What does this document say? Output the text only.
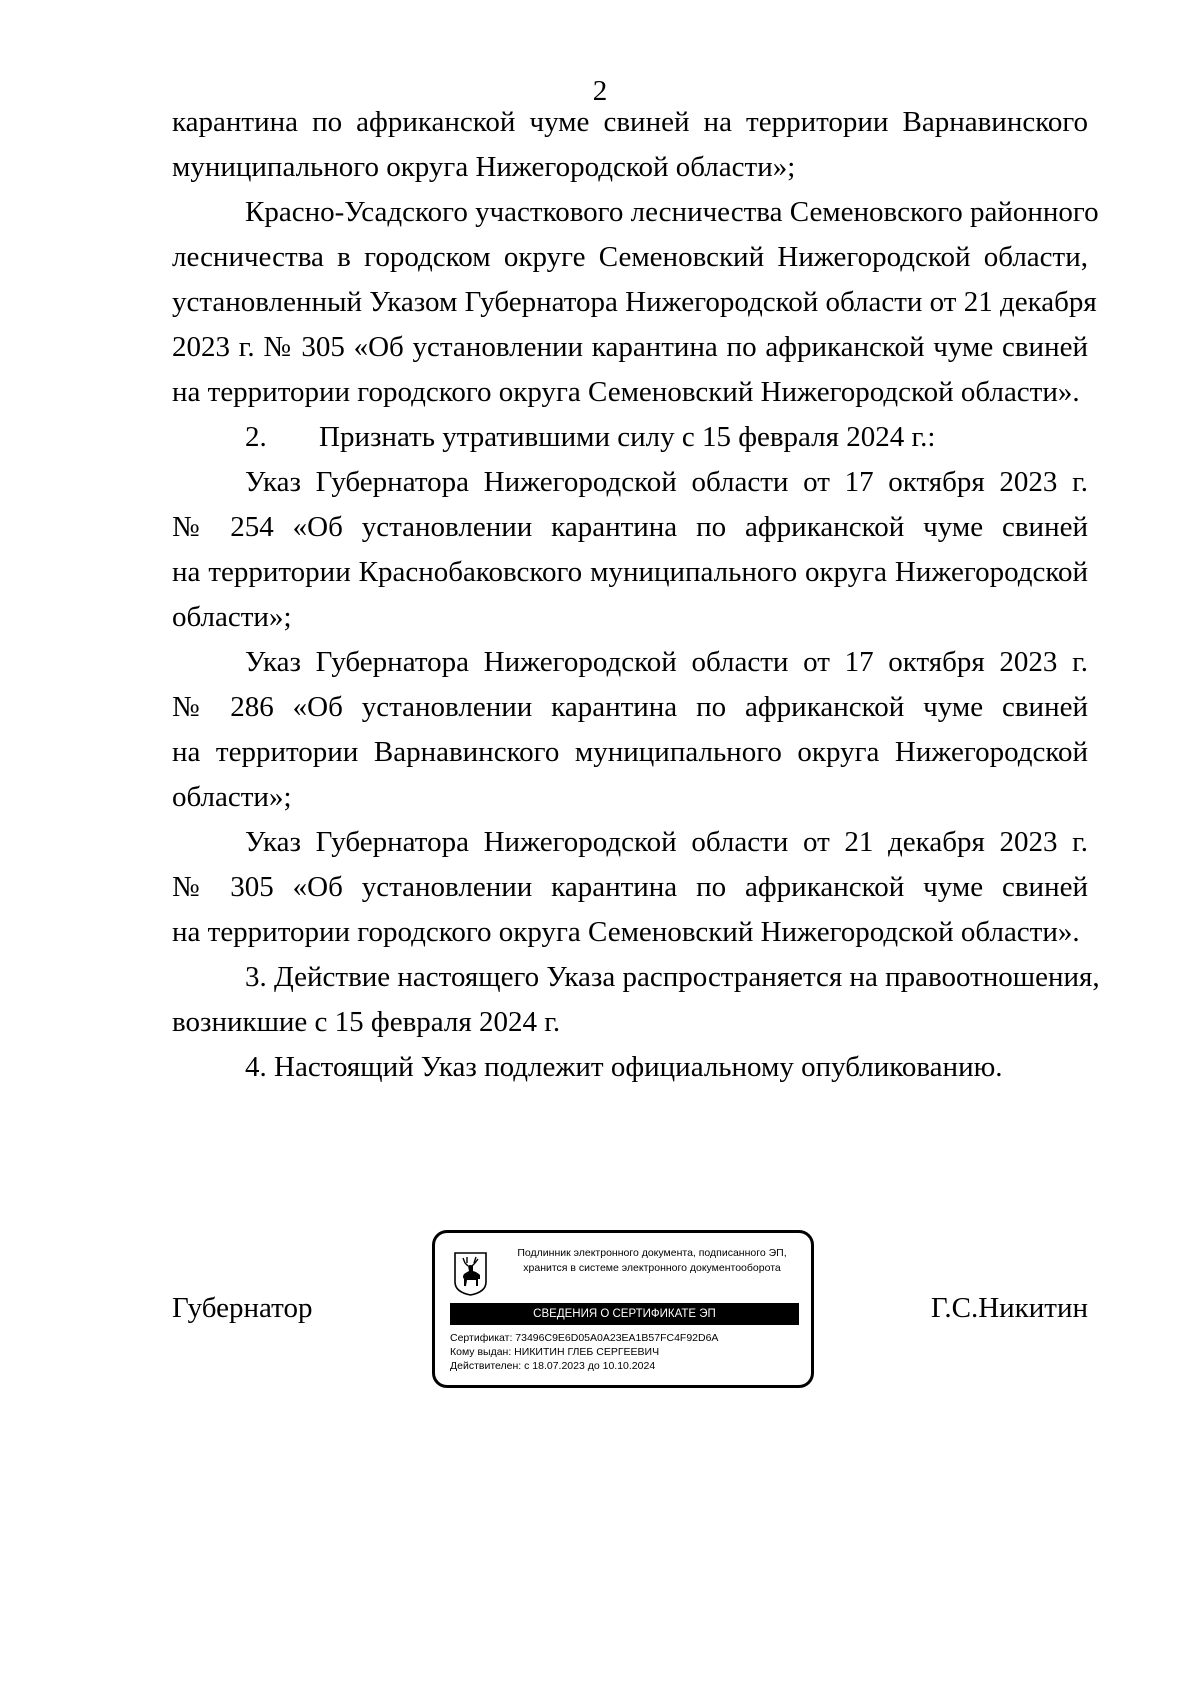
2
карантина по африканской чуме свиней на территории Варнавинского
муниципального округа Нижегородской области»;
Красно-Усадского участкового лесничества Семеновского районного
лесничества в городском округе Семеновский Нижегородской области,
установленный Указом Губернатора Нижегородской области от 21 декабря
2023 г. № 305 «Об установлении карантина по африканской чуме свиней
на территории городского округа Семеновский Нижегородской области».
2. Признать утратившими силу с 15 февраля 2024 г.:
Указ Губернатора Нижегородской области от 17 октября 2023 г.
№ 254 «Об установлении карантина по африканской чуме свиней
на территории Краснобаковского муниципального округа Нижегородской
области»;
Указ Губернатора Нижегородской области от 17 октября 2023 г.
№ 286 «Об установлении карантина по африканской чуме свиней
на территории Варнавинского муниципального округа Нижегородской
области»;
Указ Губернатора Нижегородской области от 21 декабря 2023 г.
№ 305 «Об установлении карантина по африканской чуме свиней
на территории городского округа Семеновский Нижегородской области».
3. Действие настоящего Указа распространяется на правоотношения,
возникшие с 15 февраля 2024 г.
4. Настоящий Указ подлежит официальному опубликованию.
Губернатор	Г.С.Никитин
Подлинник электронного документа, подписанного ЭП,
хранится в системе электронного документооборота
СВЕДЕНИЯ О СЕРТИФИКАТЕ ЭП
Сертификат: 73496C9E6D05A0A23EA1B57FC4F92D6A
Кому выдан: НИКИТИН ГЛЕБ СЕРГЕЕВИЧ
Действителен: с 18.07.2023 до 10.10.2024
